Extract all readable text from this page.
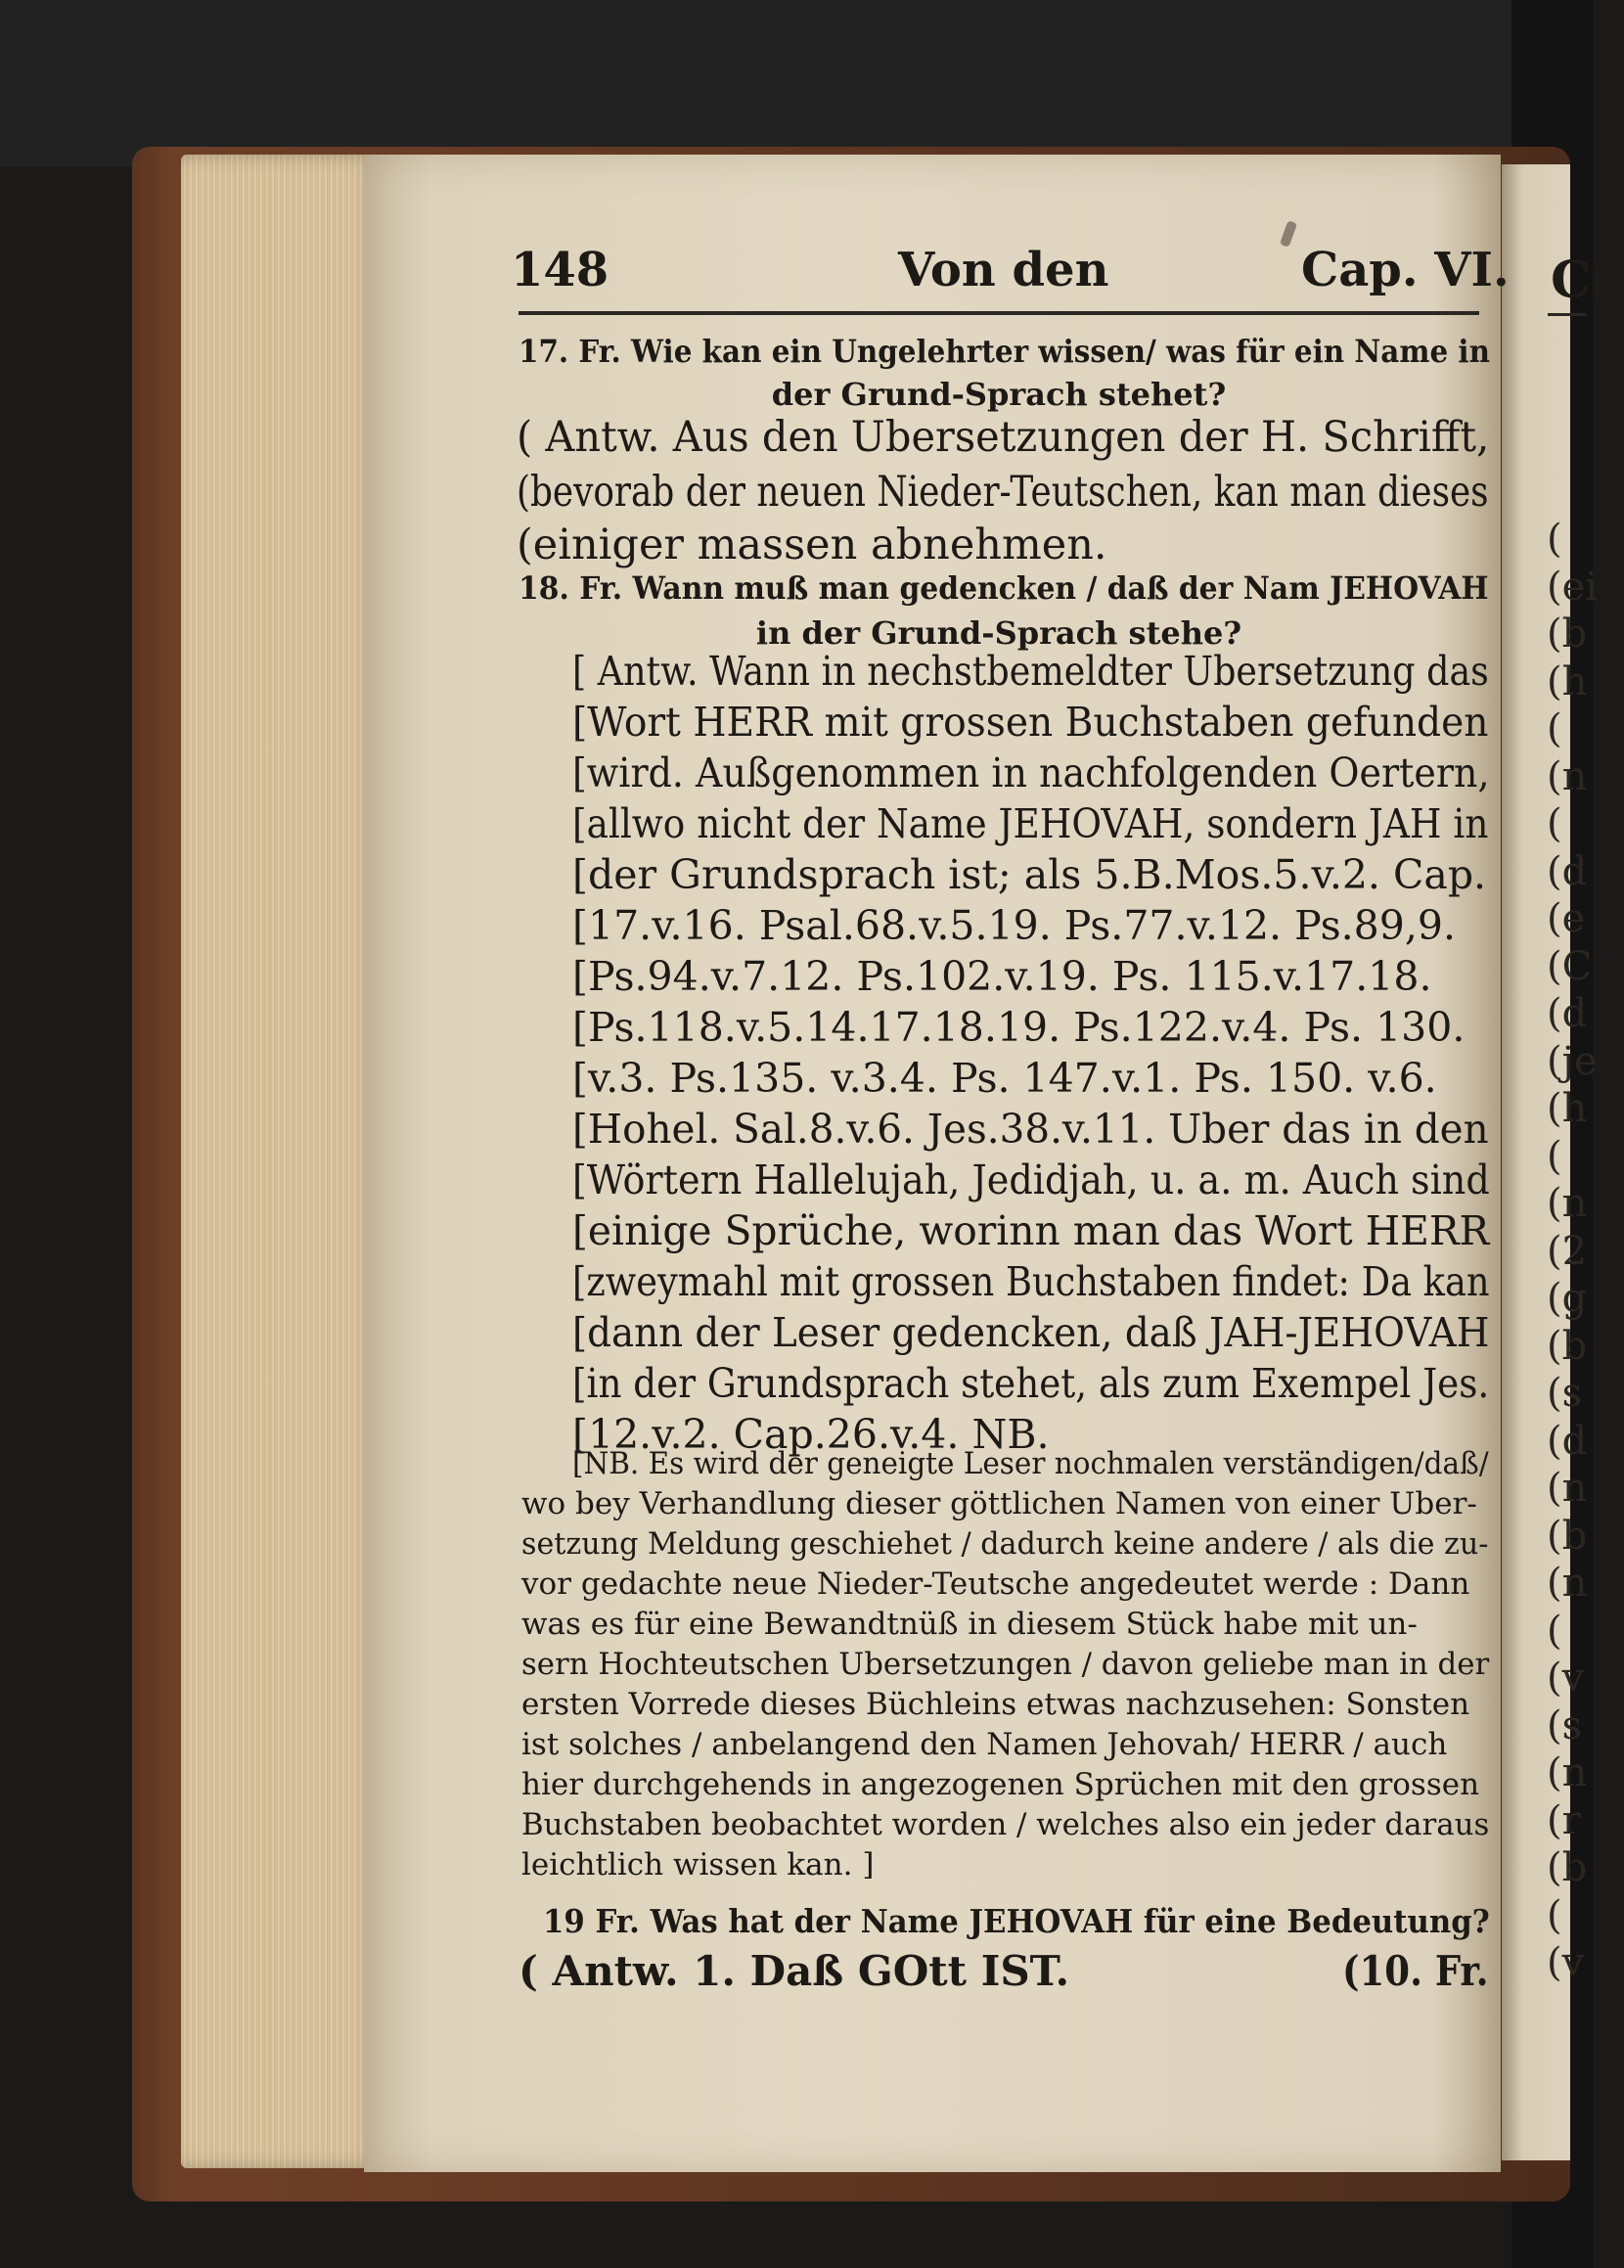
Ca
(
(ei
(b
(h
(
(n
(
(d
(e
(C
(d
(je
(h
(
(n
(2
(g
(b
(s
(d
(n
(b
(n
(
(v
(s
(n
(r
(b
(
(v
148	Von den	Cap. VI.
17. Fr. Wie kan ein Ungelehrter wissen/ was für ein Name in
der Grund-Sprach stehet?
( Antw. Aus den Ubersetzungen der H. Schrifft,
(bevorab der neuen Nieder-Teutschen, kan man dieses
(einiger massen abnehmen.
18. Fr. Wann muß man gedencken / daß der Nam JEHOVAH
in der Grund-Sprach stehe?
[ Antw. Wann in nechstbemeldter Ubersetzung das
[Wort HERR mit grossen Buchstaben gefunden
[wird. Außgenommen in nachfolgenden Oertern,
[allwo nicht der Name JEHOVAH, sondern JAH in
[der Grundsprach ist; als 5.B.Mos.5.v.2. Cap.
[17.v.16. Psal.68.v.5.19. Ps.77.v.12. Ps.89,9.
[Ps.94.v.7.12. Ps.102.v.19. Ps. 115.v.17.18.
[Ps.118.v.5.14.17.18.19. Ps.122.v.4. Ps. 130.
[v.3. Ps.135. v.3.4. Ps. 147.v.1. Ps. 150. v.6.
[Hohel. Sal.8.v.6. Jes.38.v.11. Uber das in den
[Wörtern Hallelujah, Jedidjah, u. a. m. Auch sind
[einige Sprüche, worinn man das Wort HERR
[zweymahl mit grossen Buchstaben findet: Da kan
[dann der Leser gedencken, daß JAH-JEHOVAH
[in der Grundsprach stehet, als zum Exempel Jes.
[12.v.2. Cap.26.v.4. NB.
[NB. Es wird der geneigte Leser nochmalen verständigen/daß/
wo bey Verhandlung dieser göttlichen Namen von einer Uber-
setzung Meldung geschiehet / dadurch keine andere / als die zu-
vor gedachte neue Nieder-Teutsche angedeutet werde : Dann
was es für eine Bewandtnüß in diesem Stück habe mit un-
sern Hochteutschen Ubersetzungen / davon geliebe man in der
ersten Vorrede dieses Büchleins etwas nachzusehen: Sonsten
ist solches / anbelangend den Namen Jehovah/ HERR / auch
hier durchgehends in angezogenen Sprüchen mit den grossen
Buchstaben beobachtet worden / welches also ein jeder daraus
leichtlich wissen kan. ]
19 Fr. Was hat der Name JEHOVAH für eine Bedeutung?
( Antw. 1. Daß GOtt IST.	(10. Fr.
